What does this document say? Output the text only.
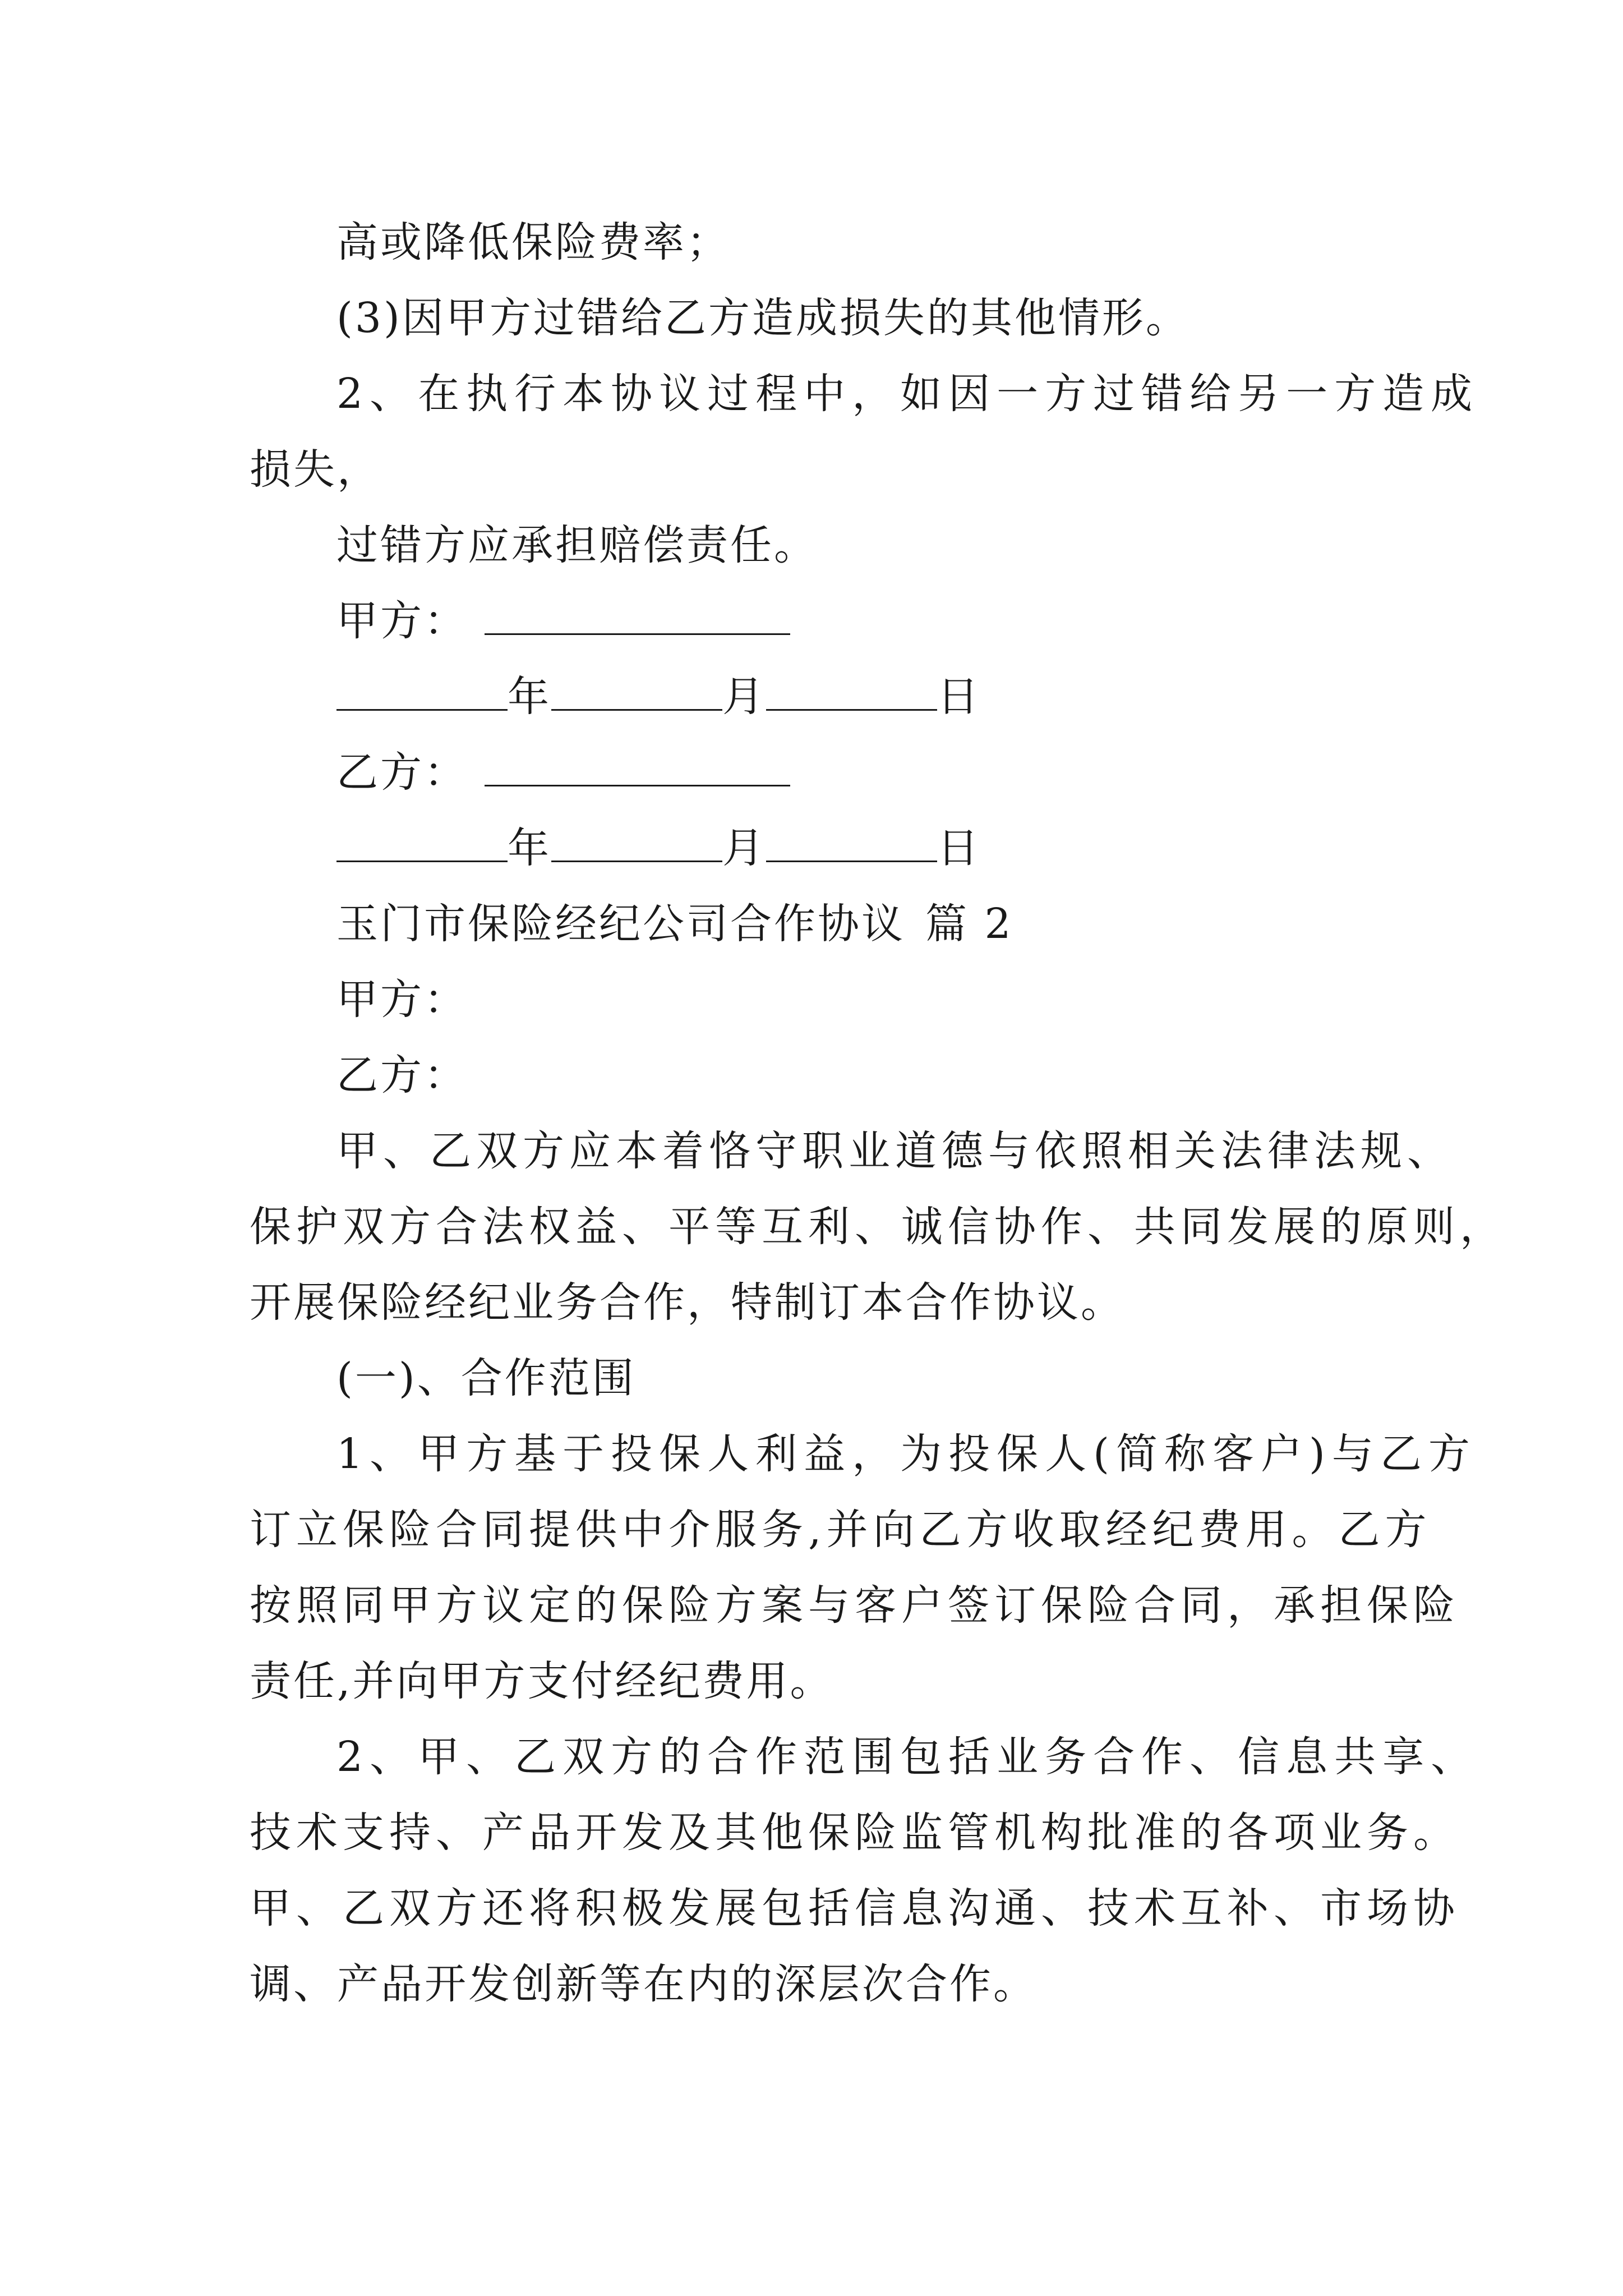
高或降低保险费率；
(3)因甲方过错给乙方造成损失的其他情形。
2、在执行本协议过程中，如因一方过错给另一方造成
损失，
过错方应承担赔偿责任。
甲方：
年	月	日
乙方：
年	月	日
玉门市保险经纪公司合作协议 篇 2
甲方：
乙方：
甲、乙双方应本着恪守职业道德与依照相关法律法规、
保护双方合法权益、平等互利、诚信协作、共同发展的原则，
开展保险经纪业务合作，特制订本合作协议。
(一)、合作范围
1、甲方基于投保人利益，为投保人(简称客户)与乙方
订立保险合同提供中介服务,并向乙方收取经纪费用。乙方
按照同甲方议定的保险方案与客户签订保险合同，承担保险
责任,并向甲方支付经纪费用。
2、甲、乙双方的合作范围包括业务合作、信息共享、
技术支持、产品开发及其他保险监管机构批准的各项业务。
甲、乙双方还将积极发展包括信息沟通、技术互补、市场协
调、产品开发创新等在内的深层次合作。
